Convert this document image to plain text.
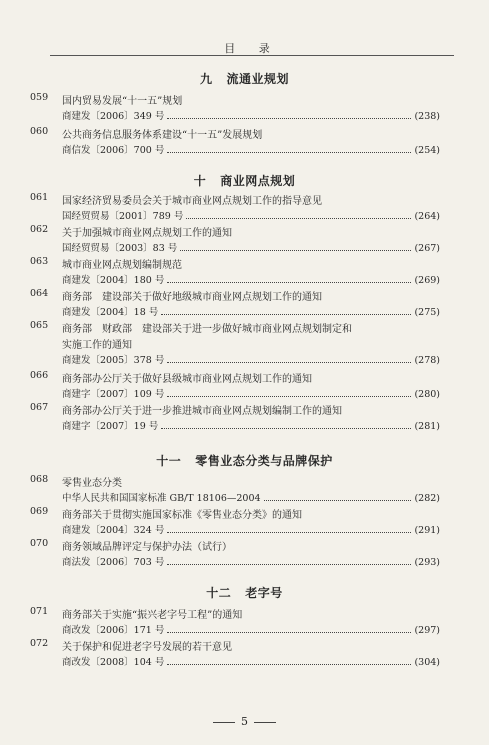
目 录
九 流通业规划
059 国内贸易发展“十一五”规划
商建发〔2006〕349 号	(238)
060 公共商务信息服务体系建设“十一五”发展规划
商信发〔2006〕700 号	(254)
十 商业网点规划
061 国家经济贸易委员会关于城市商业网点规划工作的指导意见
国经贸贸易〔2001〕789 号	(264)
062 关于加强城市商业网点规划工作的通知
国经贸贸易〔2003〕83 号	(267)
063 城市商业网点规划编制规范
商建发〔2004〕180 号	(269)
064 商务部　建设部关于做好地级城市商业网点规划工作的通知
商建发〔2004〕18 号	(275)
065 商务部　财政部　建设部关于进一步做好城市商业网点规划制定和
实施工作的通知
商建发〔2005〕378 号	(278)
066 商务部办公厅关于做好县级城市商业网点规划工作的通知
商建字〔2007〕109 号	(280)
067 商务部办公厅关于进一步推进城市商业网点规划编制工作的通知
商建字〔2007〕19 号	(281)
十一 零售业态分类与品牌保护
068 零售业态分类
中华人民共和国国家标准 GB/T 18106—2004	(282)
069 商务部关于贯彻实施国家标准《零售业态分类》的通知
商建发〔2004〕324 号	(291)
070 商务领域品牌评定与保护办法（试行）
商法发〔2006〕703 号	(293)
十二 老字号
071 商务部关于实施“振兴老字号工程”的通知
商改发〔2006〕171 号	(297)
072 关于保护和促进老字号发展的若干意见
商改发〔2008〕104 号	(304)
5
